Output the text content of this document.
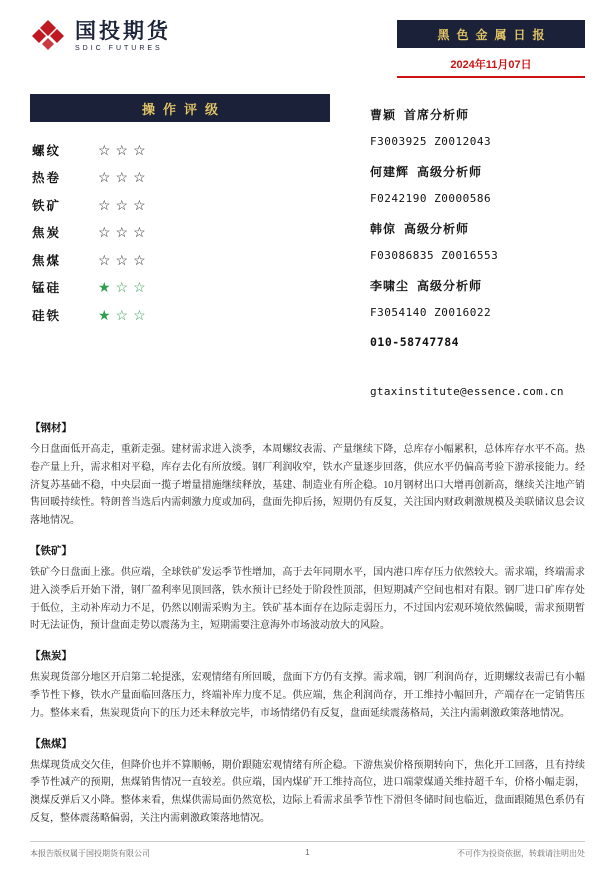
国投期货
SDIC FUTURES
黑色金属日报
2024年11月07日
操作评级
螺纹	☆☆☆
热卷	☆☆☆
铁矿	☆☆☆
焦炭	☆☆☆
焦煤	☆☆☆
锰硅	★☆☆
硅铁	★☆☆
曹颖 首席分析师
F3003925 Z0012043
何建辉 高级分析师
F0242190 Z0000586
韩倞 高级分析师
F03086835 Z0016553
李啸尘 高级分析师
F3054140 Z0016022
010-58747784

gtaxinstitute@essence.com.cn
【钢材】
今日盘面低开高走，重新走强。建材需求进入淡季，本周螺纹表需、产量继续下降，总库存小幅累积，总体库存水平不高。热卷产量上升，需求相对平稳，库存去化有所放缓。钢厂利润收窄，铁水产量逐步回落，供应水平仍偏高考验下游承接能力。经济复苏基础不稳，中央层面一揽子增量措施继续释放，基建、制造业有所企稳。10月钢材出口大增再创新高，继续关注地产销售回暖持续性。特朗普当选后内需刺激力度或加码，盘面先抑后扬，短期仍有反复，关注国内财政刺激规模及美联储议息会议落地情况。
【铁矿】
铁矿今日盘面上涨。供应端，全球铁矿发运季节性增加，高于去年同期水平，国内港口库存压力依然较大。需求端，终端需求进入淡季后开始下滑，钢厂盈利率见顶回落，铁水预计已经处于阶段性顶部，但短期减产空间也相对有限。钢厂进口矿库存处于低位，主动补库动力不足，仍然以刚需采购为主。铁矿基本面存在边际走弱压力，不过国内宏观环境依然偏暖，需求预期暂时无法证伪，预计盘面走势以震荡为主，短期需要注意海外市场波动放大的风险。
【焦炭】
焦炭现货部分地区开启第二轮提涨，宏观情绪有所回暖，盘面下方仍有支撑。需求端，钢厂利润尚存，近期螺纹表需已有小幅季节性下修，铁水产量面临回落压力，终端补库力度不足。供应端，焦企利润尚存，开工维持小幅回升，产端存在一定销售压力。整体来看，焦炭现货向下的压力还未释放完毕，市场情绪仍有反复，盘面延续震荡格局，关注内需刺激政策落地情况。
【焦煤】
焦煤现货成交欠佳，但降价也并不算顺畅，期价跟随宏观情绪有所企稳。下游焦炭价格预期转向下，焦化开工回落，且有持续季节性减产的预期，焦煤销售情况一直较差。供应端，国内煤矿开工维持高位，进口端蒙煤通关维持超千车，价格小幅走弱，澳煤反弹后又小降。整体来看，焦煤供需局面仍然宽松，边际上看需求虽季节性下滑但冬储时间也临近，盘面跟随黑色系仍有反复，整体震荡略偏弱，关注内需刺激政策落地情况。
本报告版权属于国投期货有限公司	1	不可作为投资依据，转载请注明出处
